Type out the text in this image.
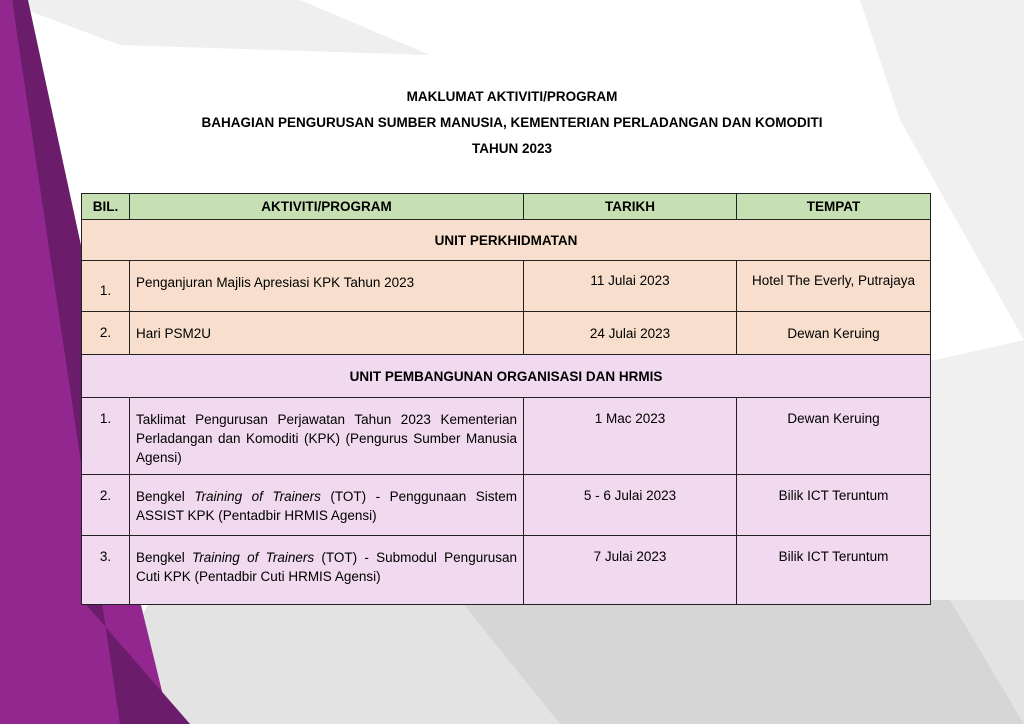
MAKLUMAT AKTIVITI/PROGRAM
BAHAGIAN PENGURUSAN SUMBER MANUSIA, KEMENTERIAN PERLADANGAN DAN KOMODITI
TAHUN 2023
BIL.	AKTIVITI/PROGRAM	TARIKH	TEMPAT
UNIT PERKHIDMATAN			
1.	Penganjuran Majlis Apresiasi KPK Tahun 2023	11 Julai 2023	Hotel The Everly, Putrajaya
2.	Hari PSM2U	24 Julai 2023	Dewan Keruing
UNIT PEMBANGUNAN ORGANISASI DAN HRMIS			
1.	Taklimat Pengurusan Perjawatan Tahun 2023 Kementerian Perladangan dan Komoditi (KPK) (Pengurus Sumber Manusia Agensi)	1 Mac 2023	Dewan Keruing
2.	Bengkel Training of Trainers (TOT) - Penggunaan Sistem ASSIST KPK (Pentadbir HRMIS Agensi)	5 - 6 Julai 2023	Bilik ICT Teruntum
3.	Bengkel Training of Trainers (TOT) - Submodul Pengurusan Cuti KPK (Pentadbir Cuti HRMIS Agensi)	7 Julai 2023	Bilik ICT Teruntum
